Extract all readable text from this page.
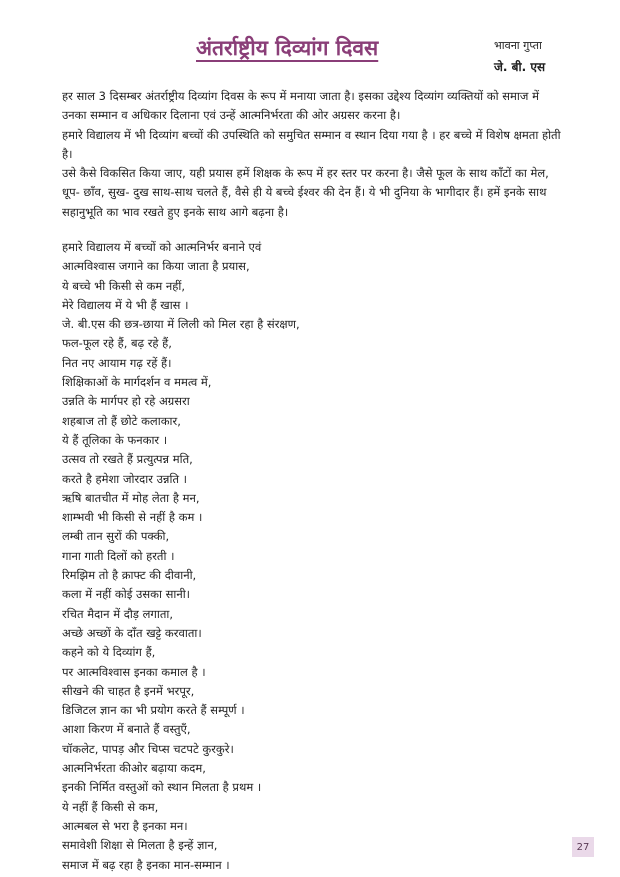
अंतर्राष्ट्रीय दिव्यांग दिवस	भावना गुप्ता
जे. बी. एस

हर साल 3 दिसम्बर अंतर्राष्ट्रीय दिव्यांग दिवस के रूप में मनाया जाता है। इसका उद्देश्य दिव्यांग व्यक्तियों को समाज में उनका सम्मान व अधिकार दिलाना एवं उन्हें आत्मनिर्भरता की ओर अग्रसर करना है।

हमारे विद्यालय में भी दिव्यांग बच्चों की उपस्थिति को समुचित सम्मान व स्थान दिया गया है । हर बच्चे में विशेष क्षमता होती है।

उसे कैसे विकसित किया जाए, यही प्रयास हमें शिक्षक के रूप में हर स्तर पर करना है। जैसे फूल के साथ काँटों का मेल, धूप- छाँव, सुख- दुख साथ-साथ चलते हैं, वैसे ही ये बच्चे ईश्वर की देन हैं। ये भी दुनिया के भागीदार हैं। हमें इनके साथ सहानुभूति का भाव रखते हुए इनके साथ आगे बढ़ना है।

हमारे विद्यालय में बच्चों को आत्मनिर्भर बनाने एवं
आत्मविश्वास जगाने का किया जाता है प्रयास,
ये बच्चे भी किसी से कम नहीं,
मेरे विद्यालय में ये भी हैं खास ।
जे. बी.एस की छत्र-छाया में लिली को मिल रहा है संरक्षण,
फल-फूल रहे हैं, बढ़ रहे हैं,
नित नए आयाम गढ़ रहें हैं।
शिक्षिकाओं के मार्गदर्शन व ममत्व में,
उन्नति के मार्गपर हो रहे अग्रसरा
शहबाज तो हैं छोटे कलाकार,
ये हैं तूलिका के फनकार ।
उत्सव तो रखते हैं प्रत्युत्पन्न मति,
करते है हमेशा जोरदार उन्नति ।
ऋषि बातचीत में मोह लेता है मन,
शाम्भवी भी किसी से नहीं है कम ।
लम्बी तान सुरों की पक्की,
गाना गाती दिलों को हरती ।
रिमझिम तो है क्राफ्ट की दीवानी,
कला में नहीं कोई उसका सानी।
रचित मैदान में दौड़ लगाता,
अच्छे अच्छों के दाँत खट्टे करवाता।
कहने को ये दिव्यांग हैं,
पर आत्मविश्वास इनका कमाल है ।
सीखने की चाहत है इनमें भरपूर,
डिजिटल ज्ञान का भी प्रयोग करते हैं सम्पूर्ण ।
आशा किरण में बनाते हैं वस्तुएँ,
चॉकलेट, पापड़ और चिप्स चटपटे कुरकुरे।
आत्मनिर्भरता कीओर बढ़ाया कदम,
इनकी निर्मित वस्तुओं को स्थान मिलता है प्रथम ।
ये नहीं हैं किसी से कम,
आत्मबल से भरा है इनका मन।
समावेशी शिक्षा से मिलता है इन्हें ज्ञान,
समाज में बढ़ रहा है इनका मान-सम्मान ।
27
